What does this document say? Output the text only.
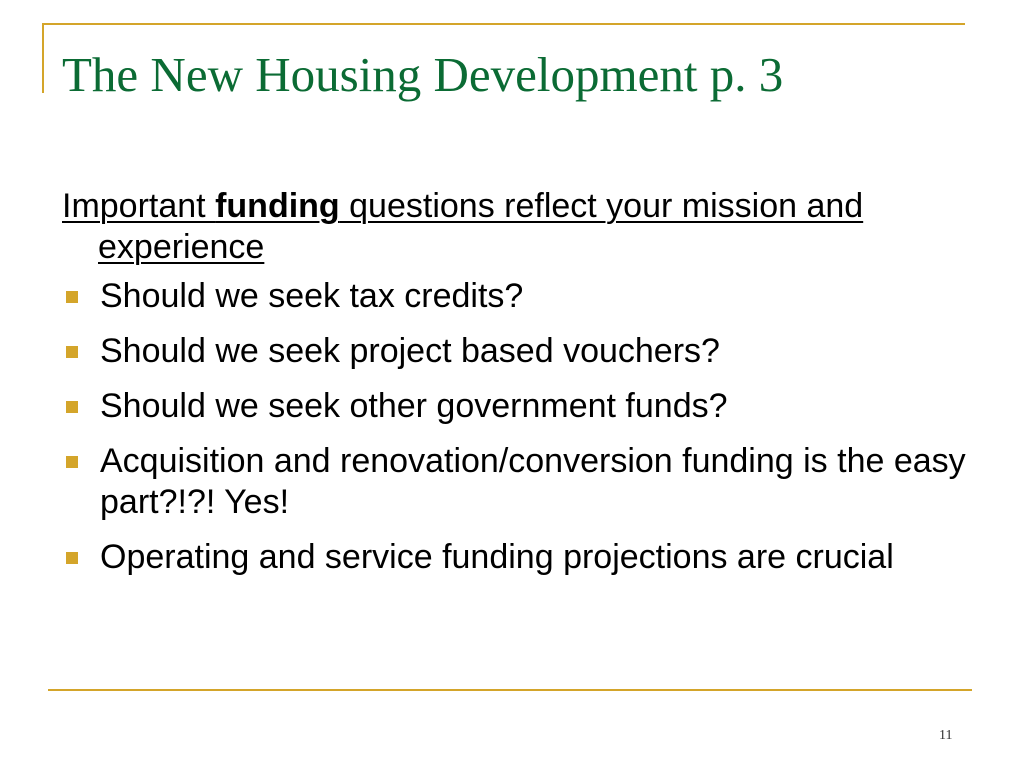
The New Housing Development p. 3

Important funding questions reflect your mission and experience

Should we seek tax credits?
Should we seek project based vouchers?
Should we seek other government funds?
Acquisition and renovation/conversion funding is the easy part?!?! Yes!
Operating and service funding projections are crucial
11
